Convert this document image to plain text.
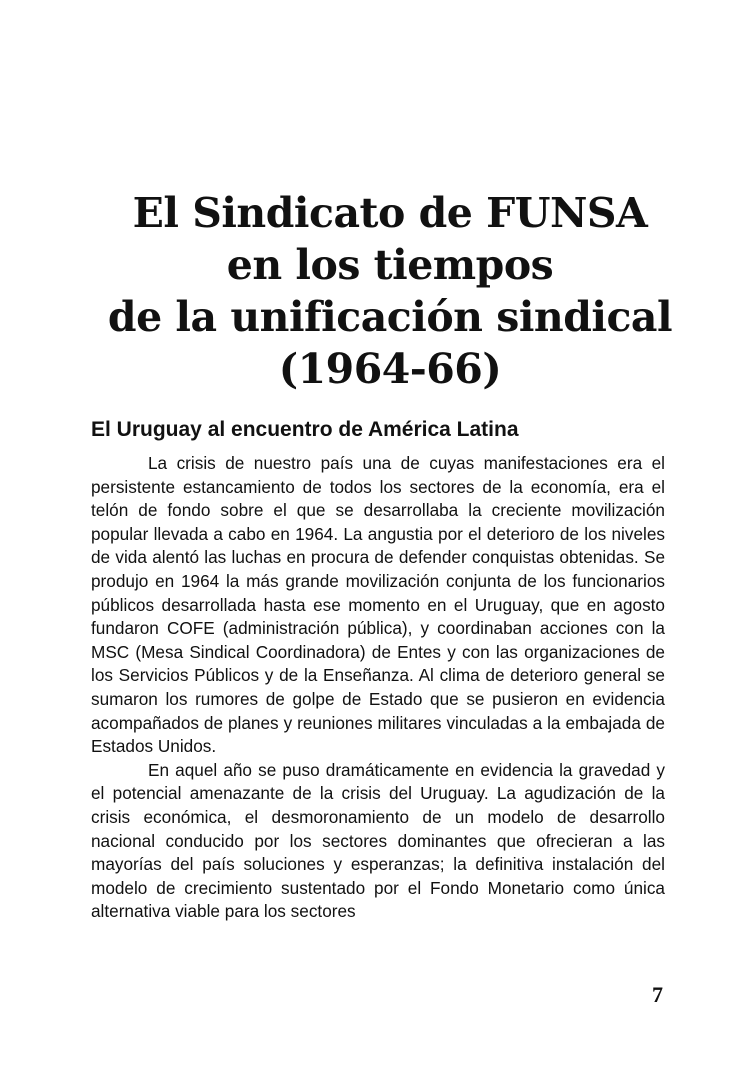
El Sindicato de FUNSA
en los tiempos
de la unificación sindical
(1964-66)
El Uruguay al encuentro de América Latina

La crisis de nuestro país una de cuyas manifestaciones era el persistente estancamiento de todos los sectores de la economía, era el telón de fondo sobre el que se desarrollaba la creciente movilización popular llevada a cabo en 1964. La angustia por el deterioro de los niveles de vida alentó las luchas en procura de defender conquistas obtenidas. Se produjo en 1964 la más grande movilización conjunta de los funcionarios públicos desarrollada hasta ese momento en el Uruguay, que en agosto fundaron COFE (administración pública), y coordinaban acciones con la MSC (Mesa Sindical Coordinadora) de Entes y con las organizaciones de los Servicios Públicos y de la Enseñanza. Al clima de deterioro general se sumaron los rumores de golpe de Estado que se pusieron en evidencia acompañados de planes y reuniones militares vinculadas a la embajada de Estados Unidos.

En aquel año se puso dramáticamente en evidencia la gravedad y el potencial amenazante de la crisis del Uruguay. La agudización de la crisis económica, el desmoronamiento de un modelo de desarrollo nacional conducido por los sectores dominantes que ofrecieran a las mayorías del país soluciones y esperanzas; la definitiva instalación del modelo de crecimiento sustentado por el Fondo Monetario como única alternativa viable para los sectores

7
